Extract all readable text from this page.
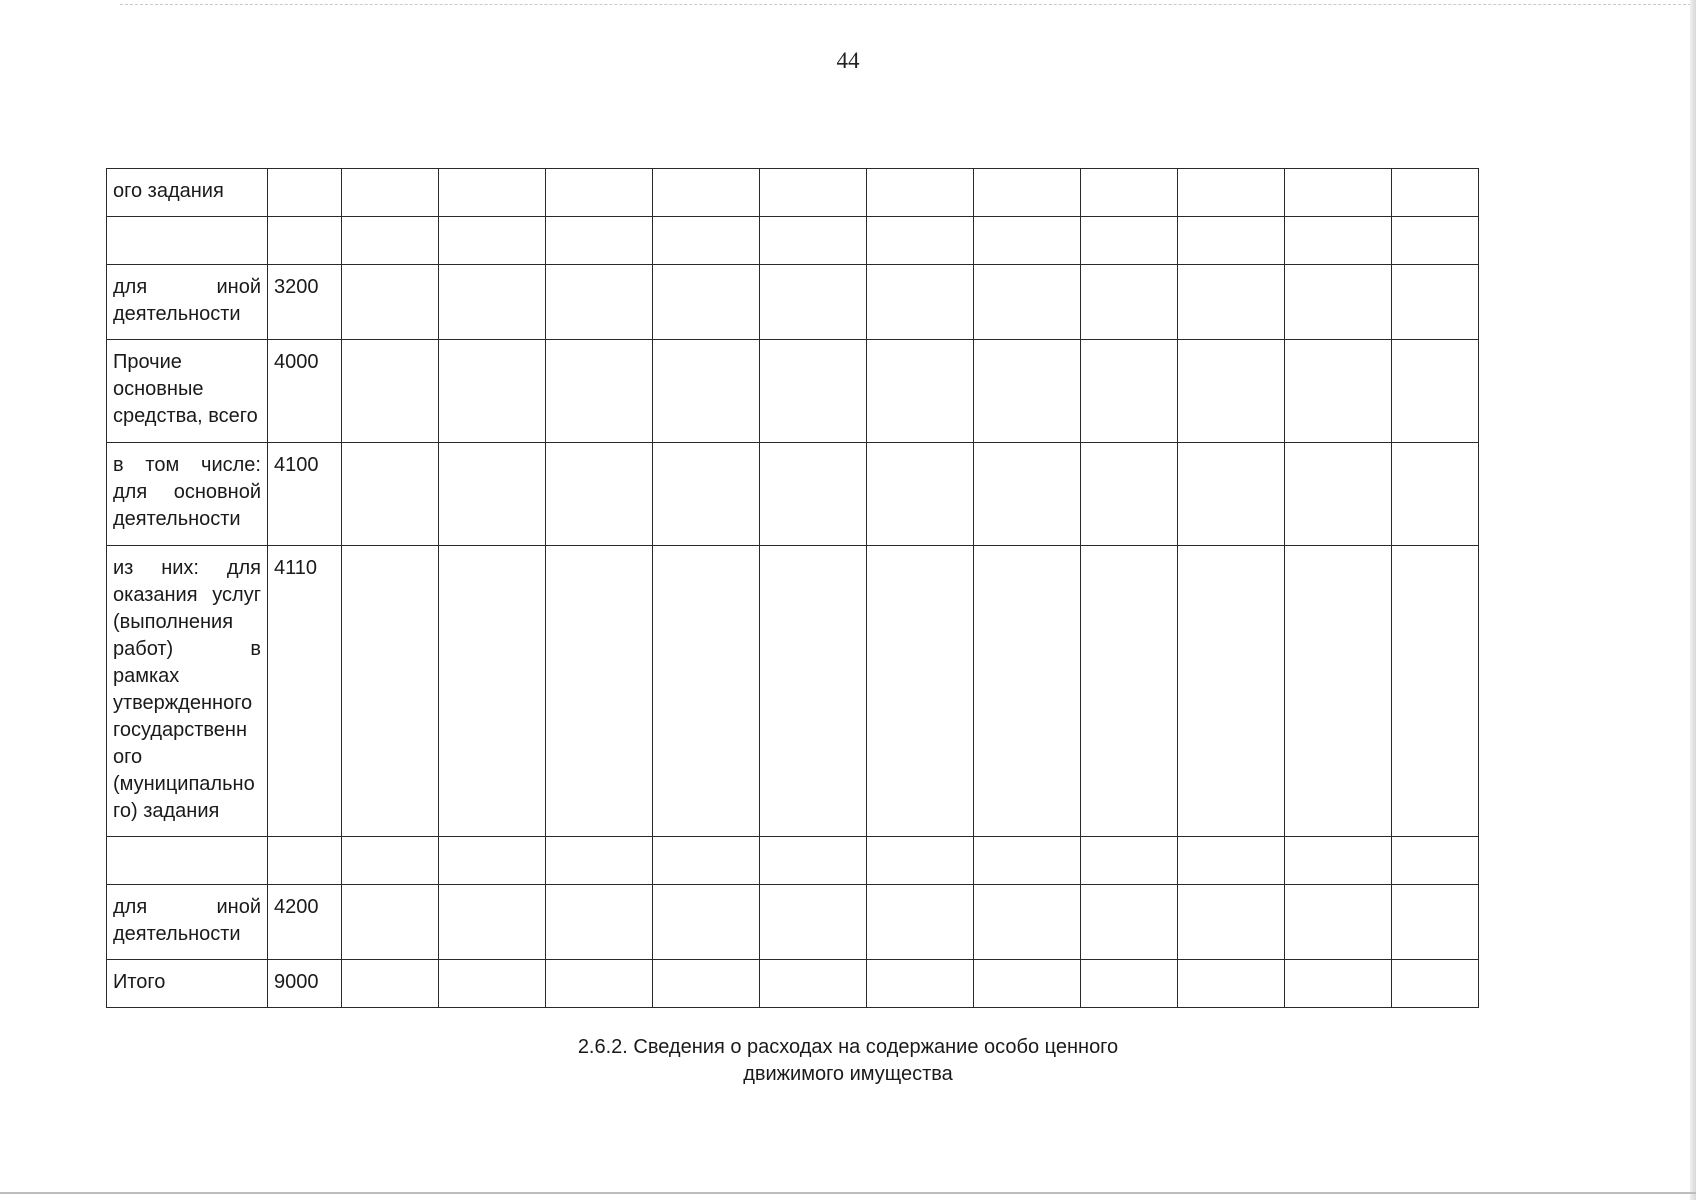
44
ого задания												

для иной деятельности	3200											
Прочие основные средства, всего	4000											
в том числе: для основной деятельности	4100											
из них: для оказания услуг (выполнения работ) в рамках утвержденного государственн ого (муниципально го) задания	4110											

для иной деятельности	4200											
Итого	9000											
2.6.2. Сведения о расходах на содержание особо ценного
движимого имущества
